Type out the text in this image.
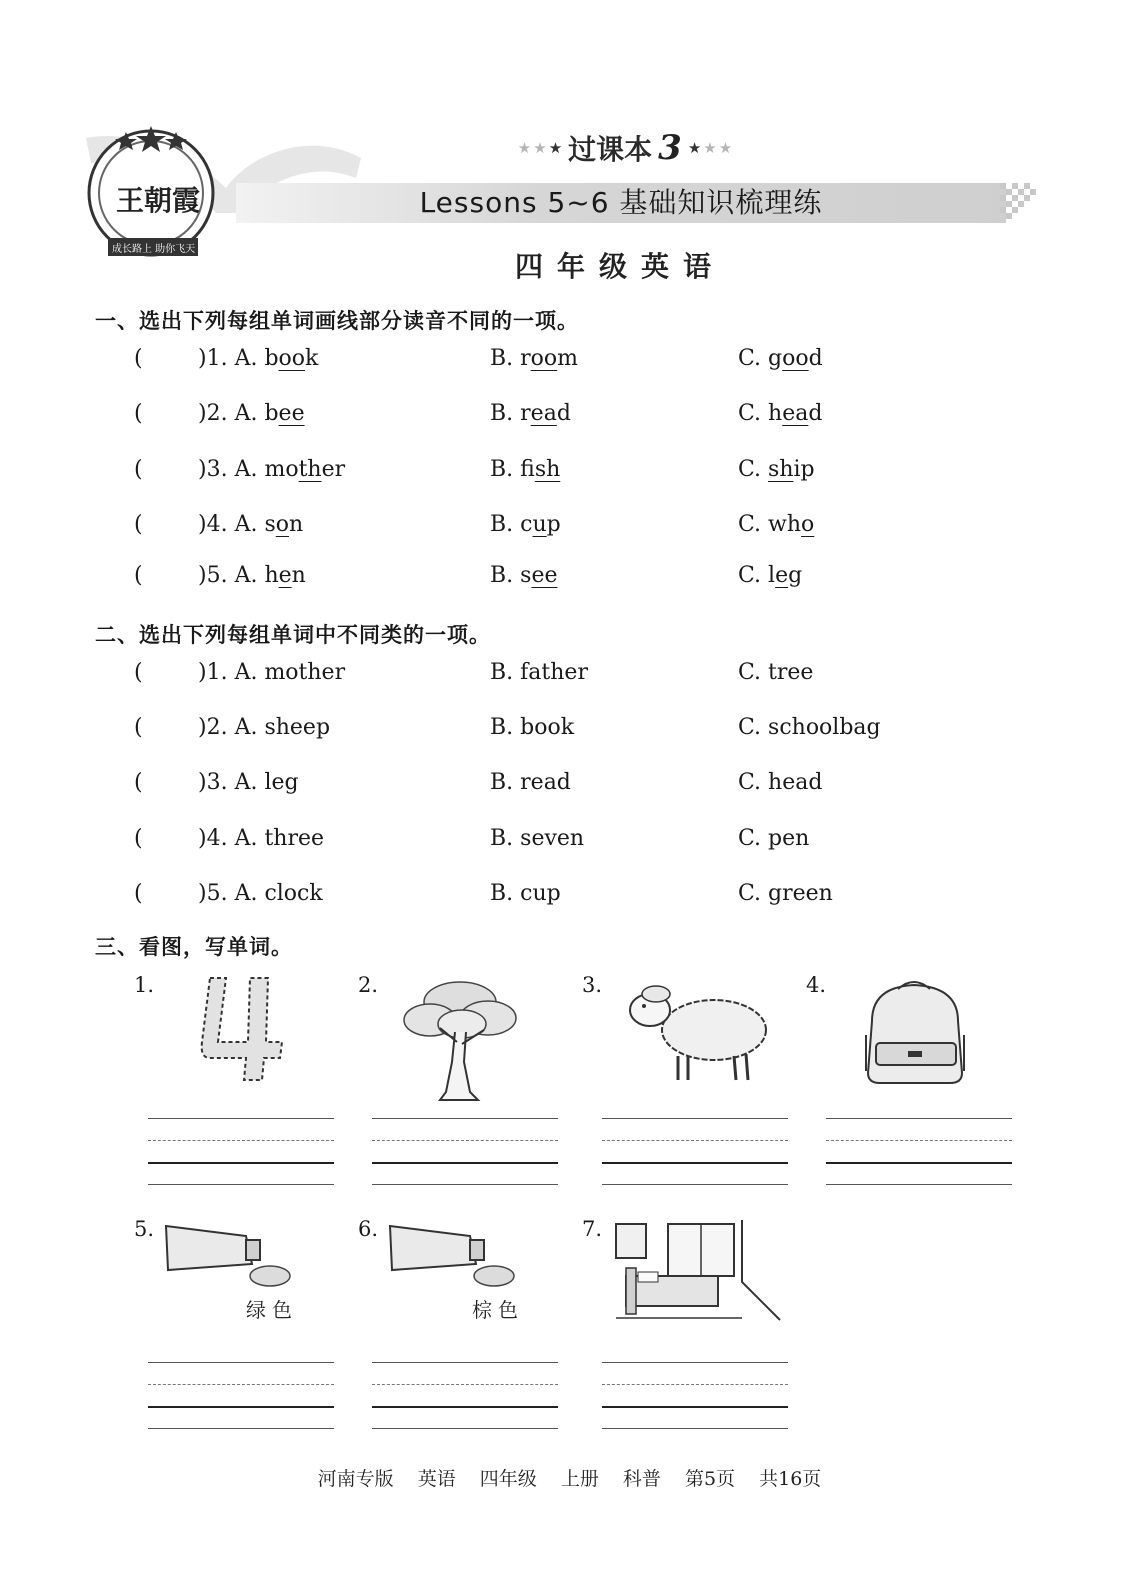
王朝霞
成长路上 助你飞天
★ ★ ★ 过课本 3 ★ ★ ★
Lessons 5~6 基础知识梳理练
四年级英语
一、选出下列每组单词画线部分读音不同的一项。
(	)1. A. book	B. room	C. good
(	)2. A. bee	B. read	C. head
(	)3. A. mother	B. fish	C. ship
(	)4. A. son	B. cup	C. who
(	)5. A. hen	B. see	C. leg
二、选出下列每组单词中不同类的一项。
(	)1. A. mother	B. father	C. tree
(	)2. A. sheep	B. book	C. schoolbag
(	)3. A. leg	B. read	C. head
(	)4. A. three	B. seven	C. pen
(	)5. A. clock	B. cup	C. green
三、看图，写单词。
1.	2.	3.	4.
5.
绿色
6.
棕色
7.
河南专版 英语 四年级 上册 科普 第5页 共16页
